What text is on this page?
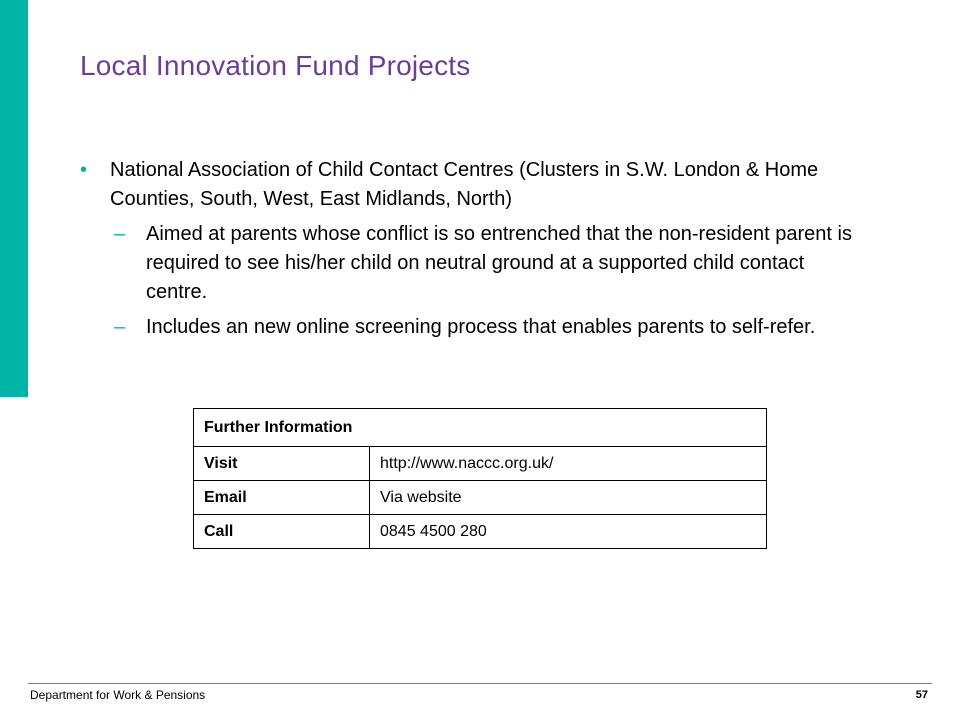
Local Innovation Fund Projects
• National Association of Child Contact Centres (Clusters in S.W. London & Home Counties, South, West, East Midlands, North)
– Aimed at parents whose conflict is so entrenched that the non-resident parent is required to see his/her child on neutral ground at a supported child contact centre.
– Includes an new online screening process that enables parents to self-refer.
Further Information	
Visit	http://www.naccc.org.uk/
Email	Via website
Call	0845 4500 280
Department for Work & Pensions	57
